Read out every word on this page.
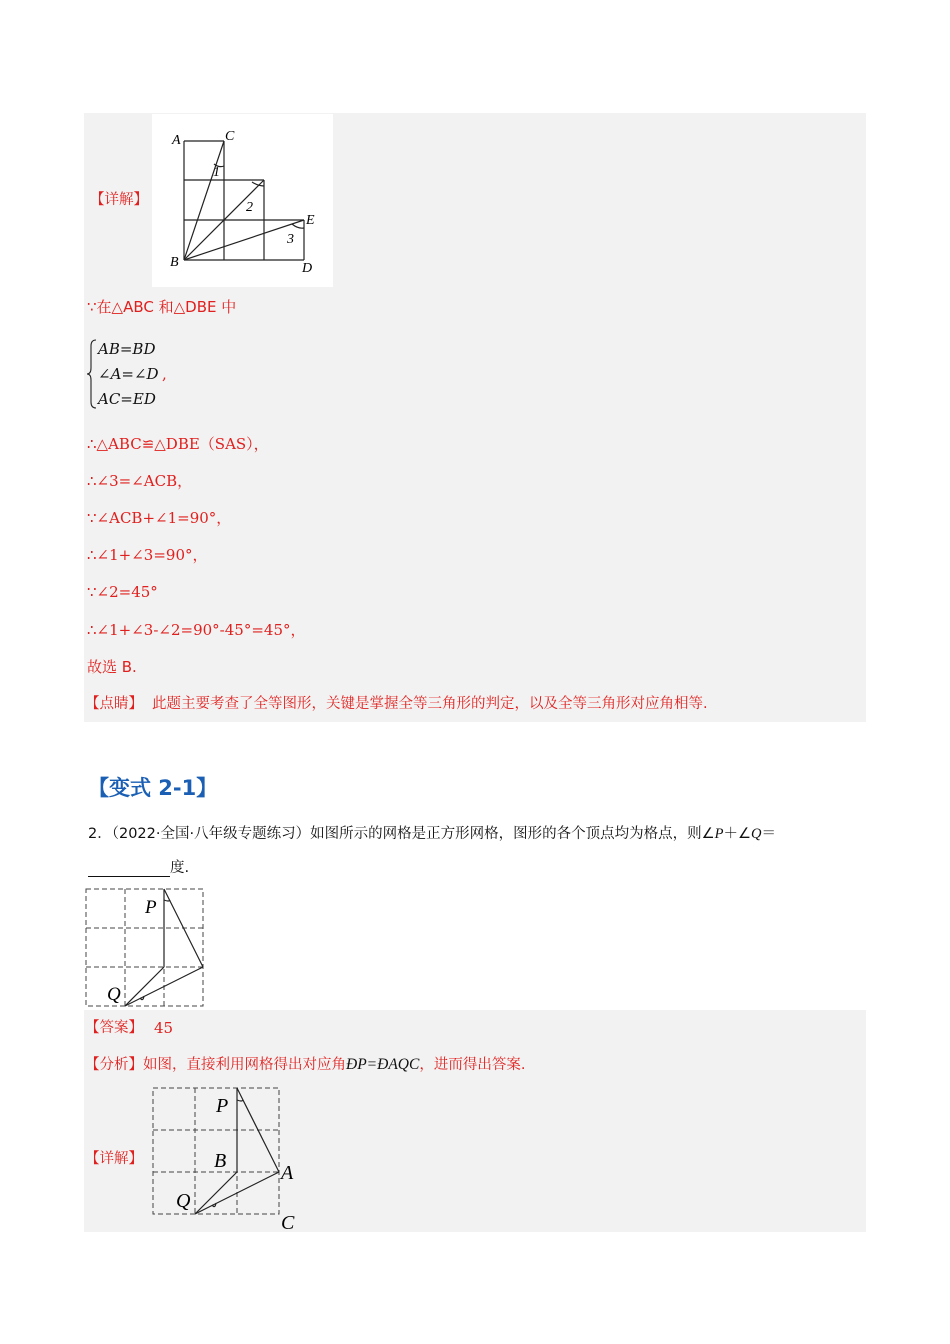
【详解】
A	C
B
E
D
1
2
3
∵在△ABC 和△DBE 中
AB=BD
∠A=∠D ,
AC=ED
∴△ABC≌△DBE（SAS），
∴∠3=∠ACB，
∵∠ACB+∠1=90°，
∴∠1+∠3=90°，
∵∠2=45°
∴∠1+∠3-∠2=90°-45°=45°，
故选 B.
【点睛】 此题主要考查了全等图形，关键是掌握全等三角形的判定，以及全等三角形对应角相等.
【变式 2-1】
2．（2022·全国·八年级专题练习）如图所示的网格是正方形网格，图形的各个顶点均为格点，则∠P＋∠Q＝
度.
P
Q
【答案】 45
【分析】如图，直接利用网格得出对应角ÐP=ÐAQC，进而得出答案.
【详解】
P
B
A
Q
C
